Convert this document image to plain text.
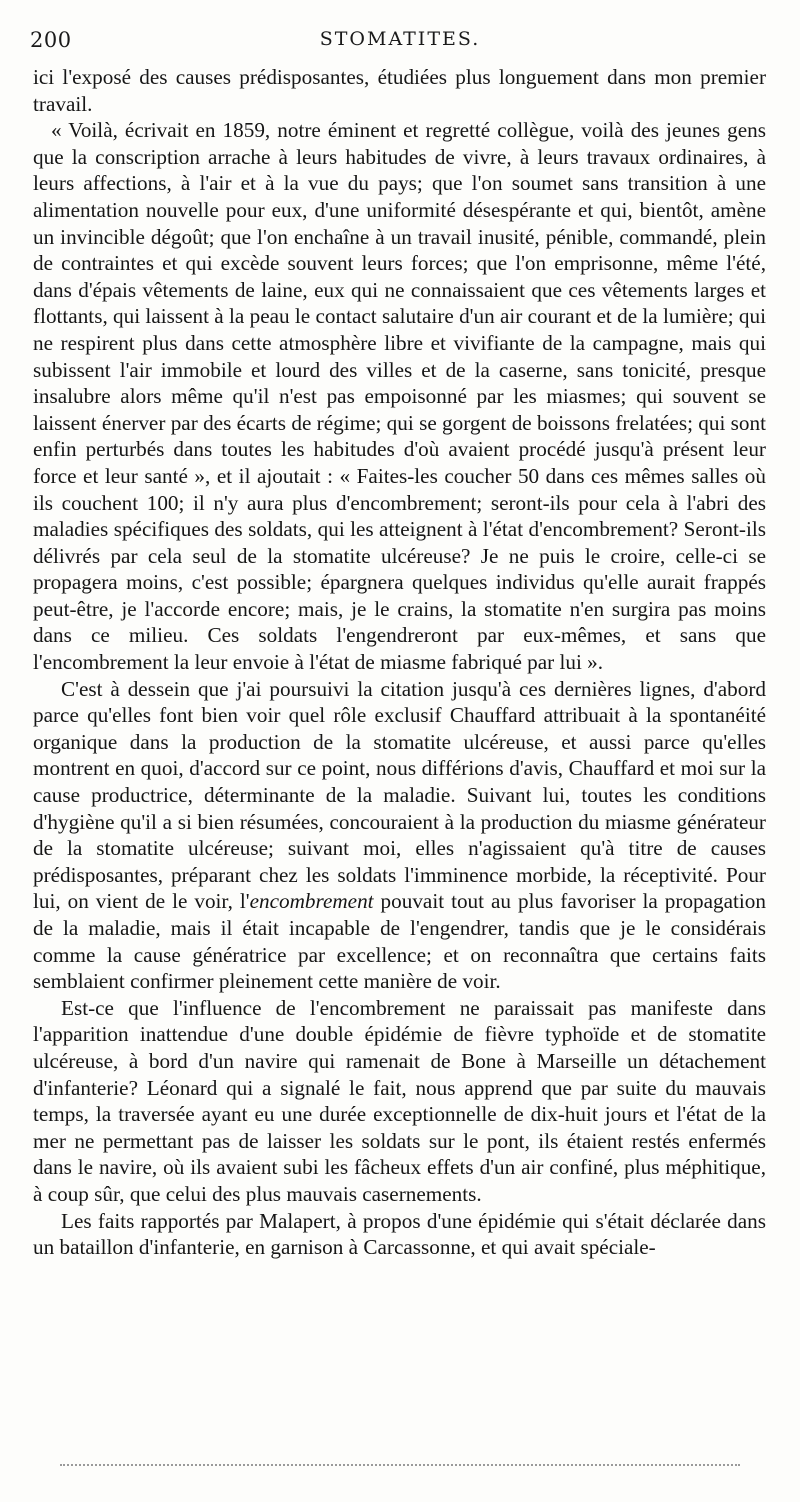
200	STOMATITES.

ici l'exposé des causes prédisposantes, étudiées plus longuement dans mon premier travail.

« Voilà, écrivait en 1859, notre éminent et regretté collègue, voilà des jeunes gens que la conscription arrache à leurs habitudes de vivre, à leurs travaux ordinaires, à leurs affections, à l'air et à la vue du pays; que l'on soumet sans transition à une alimentation nouvelle pour eux, d'une uniformité désespérante et qui, bientôt, amène un invincible dégoût; que l'on enchaîne à un travail inusité, pénible, commandé, plein de contraintes et qui excède souvent leurs forces; que l'on emprisonne, même l'été, dans d'épais vêtements de laine, eux qui ne connaissaient que ces vêtements larges et flottants, qui laissent à la peau le contact salutaire d'un air courant et de la lumière; qui ne respirent plus dans cette atmosphère libre et vivifiante de la campagne, mais qui subissent l'air immobile et lourd des villes et de la caserne, sans tonicité, presque insalubre alors même qu'il n'est pas empoisonné par les miasmes; qui souvent se laissent énerver par des écarts de régime; qui se gorgent de boissons frelatées; qui sont enfin perturbés dans toutes les habitudes d'où avaient procédé jusqu'à présent leur force et leur santé », et il ajoutait : « Faites-les coucher 50 dans ces mêmes salles où ils couchent 100; il n'y aura plus d'encombrement; seront-ils pour cela à l'abri des maladies spécifiques des soldats, qui les atteignent à l'état d'encombrement? Seront-ils délivrés par cela seul de la stomatite ulcéreuse? Je ne puis le croire, celle-ci se propagera moins, c'est possible; épargnera quelques individus qu'elle aurait frappés peut-être, je l'accorde encore; mais, je le crains, la stomatite n'en surgira pas moins dans ce milieu. Ces soldats l'engendreront par eux-mêmes, et sans que l'encombrement la leur envoie à l'état de miasme fabriqué par lui ».

C'est à dessein que j'ai poursuivi la citation jusqu'à ces dernières lignes, d'abord parce qu'elles font bien voir quel rôle exclusif Chauffard attribuait à la spontanéité organique dans la production de la stomatite ulcéreuse, et aussi parce qu'elles montrent en quoi, d'accord sur ce point, nous différions d'avis, Chauffard et moi sur la cause productrice, déterminante de la maladie. Suivant lui, toutes les conditions d'hygiène qu'il a si bien résumées, concouraient à la production du miasme générateur de la stomatite ulcéreuse; suivant moi, elles n'agissaient qu'à titre de causes prédisposantes, préparant chez les soldats l'imminence morbide, la réceptivité. Pour lui, on vient de le voir, l'encombrement pouvait tout au plus favoriser la propagation de la maladie, mais il était incapable de l'engendrer, tandis que je le considérais comme la cause génératrice par excellence; et on reconnaîtra que certains faits semblaient confirmer pleinement cette manière de voir.

Est-ce que l'influence de l'encombrement ne paraissait pas manifeste dans l'apparition inattendue d'une double épidémie de fièvre typhoïde et de stomatite ulcéreuse, à bord d'un navire qui ramenait de Bone à Marseille un détachement d'infanterie? Léonard qui a signalé le fait, nous apprend que par suite du mauvais temps, la traversée ayant eu une durée exceptionnelle de dix-huit jours et l'état de la mer ne permettant pas de laisser les soldats sur le pont, ils étaient restés enfermés dans le navire, où ils avaient subi les fâcheux effets d'un air confiné, plus méphitique, à coup sûr, que celui des plus mauvais casernements.

Les faits rapportés par Malapert, à propos d'une épidémie qui s'était déclarée dans un bataillon d'infanterie, en garnison à Carcassonne, et qui avait spéciale-
